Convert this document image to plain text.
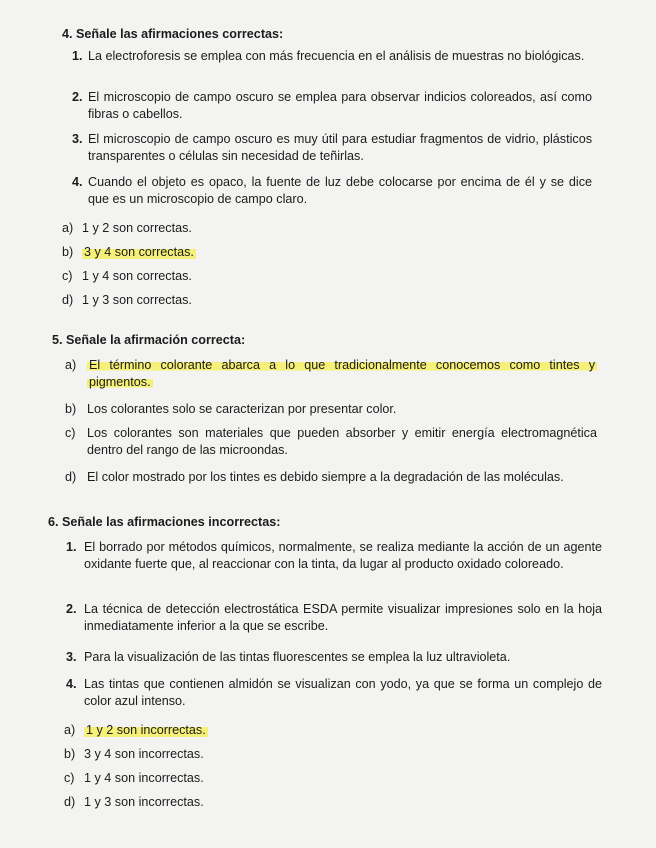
4. Señale las afirmaciones correctas:
1. La electroforesis se emplea con más frecuencia en el análisis de muestras no biológicas.
2. El microscopio de campo oscuro se emplea para observar indicios coloreados, así como fibras o cabellos.
3. El microscopio de campo oscuro es muy útil para estudiar fragmentos de vidrio, plásticos transparentes o células sin necesidad de teñirlas.
4. Cuando el objeto es opaco, la fuente de luz debe colocarse por encima de él y se dice que es un microscopio de campo claro.
a) 1 y 2 son correctas.
b) 3 y 4 son correctas.
c) 1 y 4 son correctas.
d) 1 y 3 son correctas.
5. Señale la afirmación correcta:
a)	El término colorante abarca a lo que tradicionalmente conocemos como tintes y pigmentos.
b) Los colorantes solo se caracterizan por presentar color.
c) Los colorantes son materiales que pueden absorber y emitir energía electromagnética dentro del rango de las microondas.
d) El color mostrado por los tintes es debido siempre a la degradación de las moléculas.
6. Señale las afirmaciones incorrectas:
1. El borrado por métodos químicos, normalmente, se realiza mediante la acción de un agente oxidante fuerte que, al reaccionar con la tinta, da lugar al producto oxidado coloreado.
2. La técnica de detección electrostática ESDA permite visualizar impresiones solo en la hoja inmediatamente inferior a la que se escribe.
3. Para la visualización de las tintas fluorescentes se emplea la luz ultravioleta.
4. Las tintas que contienen almidón se visualizan con yodo, ya que se forma un complejo de color azul intenso.
a) 1 y 2 son incorrectas.
b) 3 y 4 son incorrectas.
c) 1 y 4 son incorrectas.
d) 1 y 3 son incorrectas.
